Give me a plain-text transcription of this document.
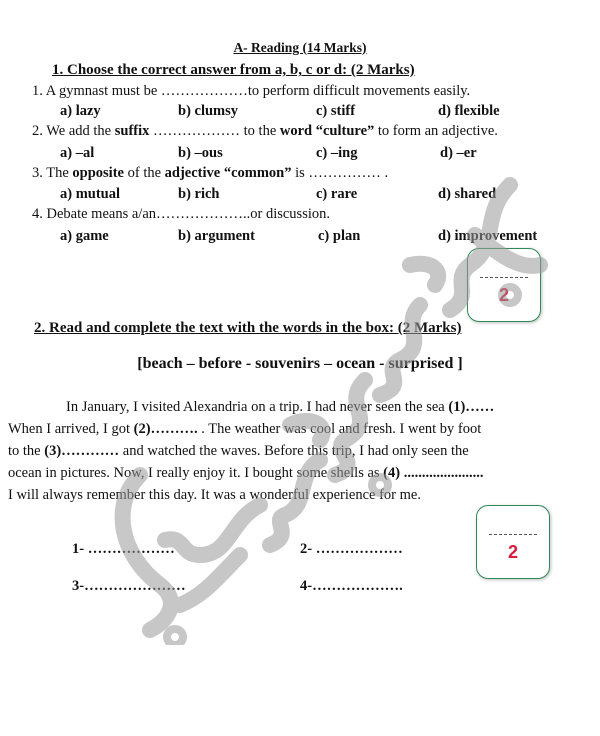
A- Reading (14 Marks)
1. Choose the correct answer from a, b, c or d: (2 Marks)
1. A gymnast must be ………………to perform difficult movements easily.
a) lazy	b) clumsy	c) stiff	d) flexible
2. We add the suffix ……………… to the word “culture” to form an adjective.
a) –al	b) –ous	c) –ing	d) –er
3. The opposite of the adjective “common” is …………… .
a) mutual	b) rich	c) rare	d) shared
4. Debate means a/an………………..or discussion.
a) game	b) argument	c) plan	d) improvement
2
2. Read and complete the text with the words in the box: (2 Marks)
[beach – before - souvenirs – ocean - surprised ]
In January, I visited Alexandria on a trip. I had never seen the sea (1)……
When I arrived, I got (2)………. . The weather was cool and fresh. I went by foot
to the (3)………… and watched the waves. Before this trip, I had only seen the
ocean in pictures. Now, I really enjoy it. I bought some shells as (4) ......................
I will always remember this day. It was a wonderful experience for me.
1- ………………	2- ………………
3-…………………	4-……………….
2
